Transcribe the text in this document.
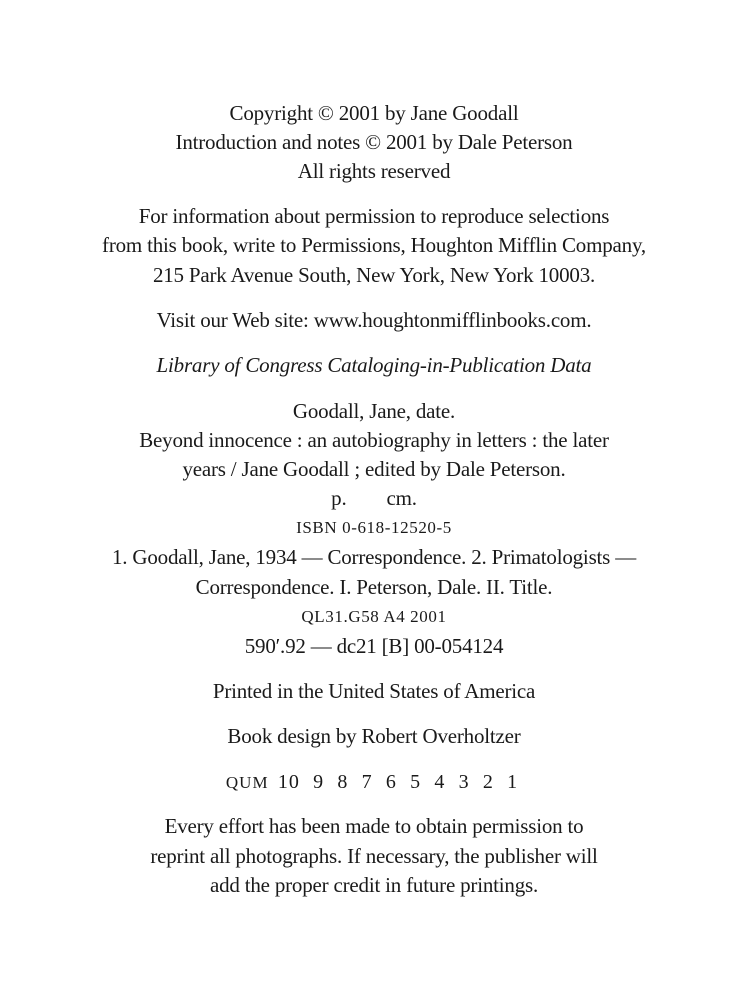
Copyright © 2001 by Jane Goodall
Introduction and notes © 2001 by Dale Peterson
All rights reserved
For information about permission to reproduce selections
from this book, write to Permissions, Houghton Mifflin Company,
215 Park Avenue South, New York, New York 10003.
Visit our Web site: www.houghtonmifflinbooks.com.
Library of Congress Cataloging-in-Publication Data
Goodall, Jane, date.
Beyond innocence : an autobiography in letters : the later
years / Jane Goodall ; edited by Dale Peterson.
p. cm.
ISBN 0-618-12520-5
1. Goodall, Jane, 1934 — Correspondence. 2. Primatologists —
Correspondence. I. Peterson, Dale. II. Title.
QL31.G58 A4 2001
590′.92 — dc21 [B] 00-054124
Printed in the United States of America
Book design by Robert Overholtzer
QUM 10 9 8 7 6 5 4 3 2 1
Every effort has been made to obtain permission to
reprint all photographs. If necessary, the publisher will
add the proper credit in future printings.
